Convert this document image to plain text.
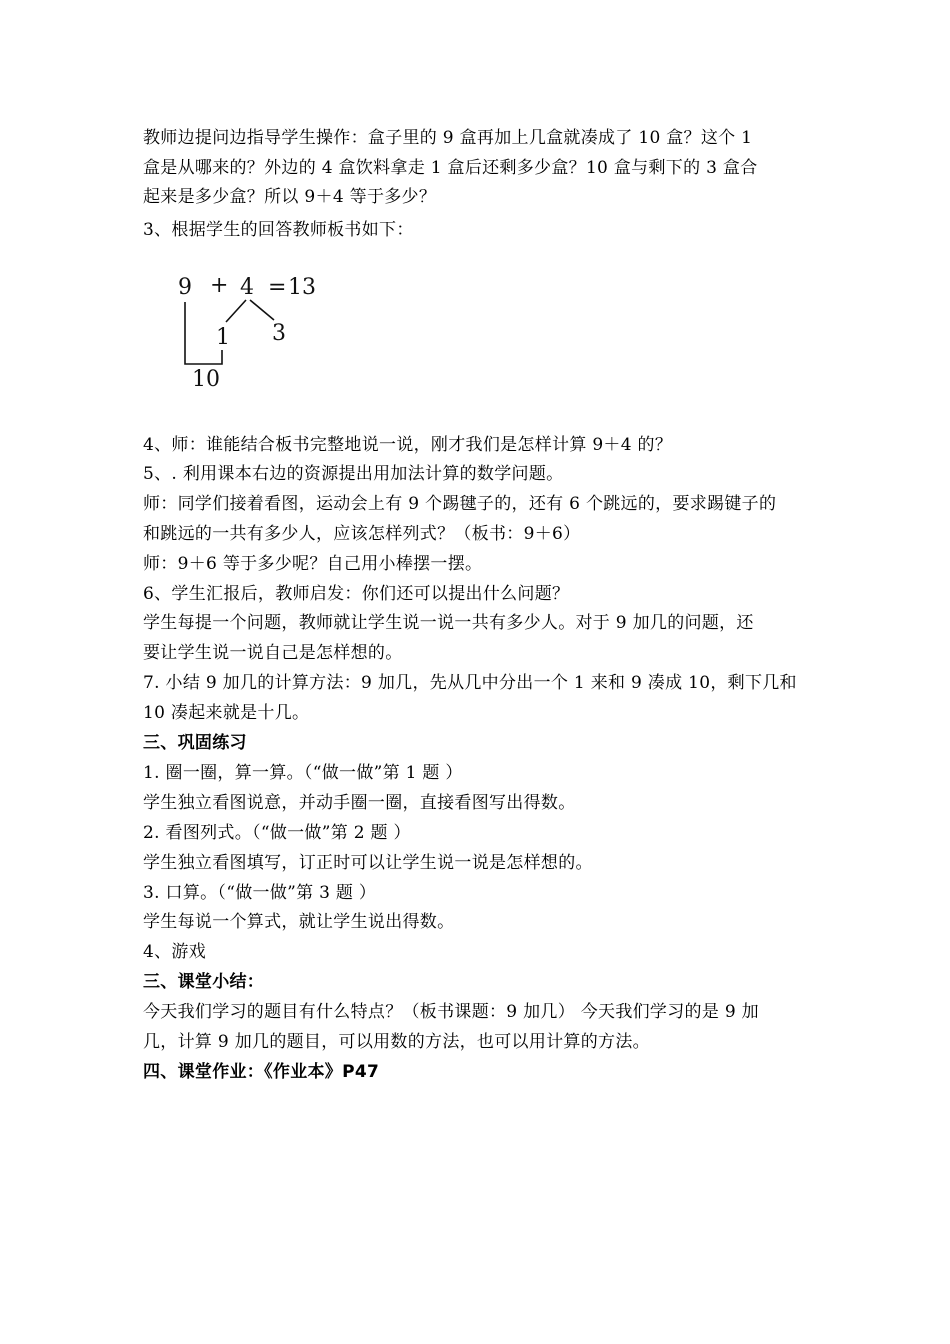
教师边提问边指导学生操作：盒子里的 9 盒再加上几盒就凑成了 10 盒？这个 1
盒是从哪来的？外边的 4 盒饮料拿走 1 盒后还剩多少盒？10 盒与剩下的 3 盒合
起来是多少盒？所以 9＋4 等于多少？
3、根据学生的回答教师板书如下：
9 + 4 = 13
1 3
10
4、师：谁能结合板书完整地说一说，刚才我们是怎样计算 9＋4 的？
5、. 利用课本右边的资源提出用加法计算的数学问题。
师：同学们接着看图，运动会上有 9 个踢毽子的，还有 6 个跳远的，要求踢键子的
和跳远的一共有多少人，应该怎样列式？（板书：9＋6）
师：9＋6 等于多少呢？自己用小棒摆一摆。
6、学生汇报后，教师启发：你们还可以提出什么问题？
学生每提一个问题，教师就让学生说一说一共有多少人。对于 9 加几的问题，还
要让学生说一说自己是怎样想的。
7. 小结 9 加几的计算方法：9 加几，先从几中分出一个 1 来和 9 凑成 10，剩下几和
10 凑起来就是十几。
三、巩固练习
1. 圈一圈，算一算。（“做一做”第 1 题 ）
学生独立看图说意，并动手圈一圈，直接看图写出得数。
2. 看图列式。（“做一做”第 2 题 ）
学生独立看图填写，订正时可以让学生说一说是怎样想的。
3. 口算。（“做一做”第 3 题 ）
学生每说一个算式，就让学生说出得数。
4、游戏
三、课堂小结：
今天我们学习的题目有什么特点？（板书课题：9 加几） 今天我们学习的是 9 加
几，计算 9 加几的题目，可以用数的方法，也可以用计算的方法。
四、课堂作业：《作业本》P47
